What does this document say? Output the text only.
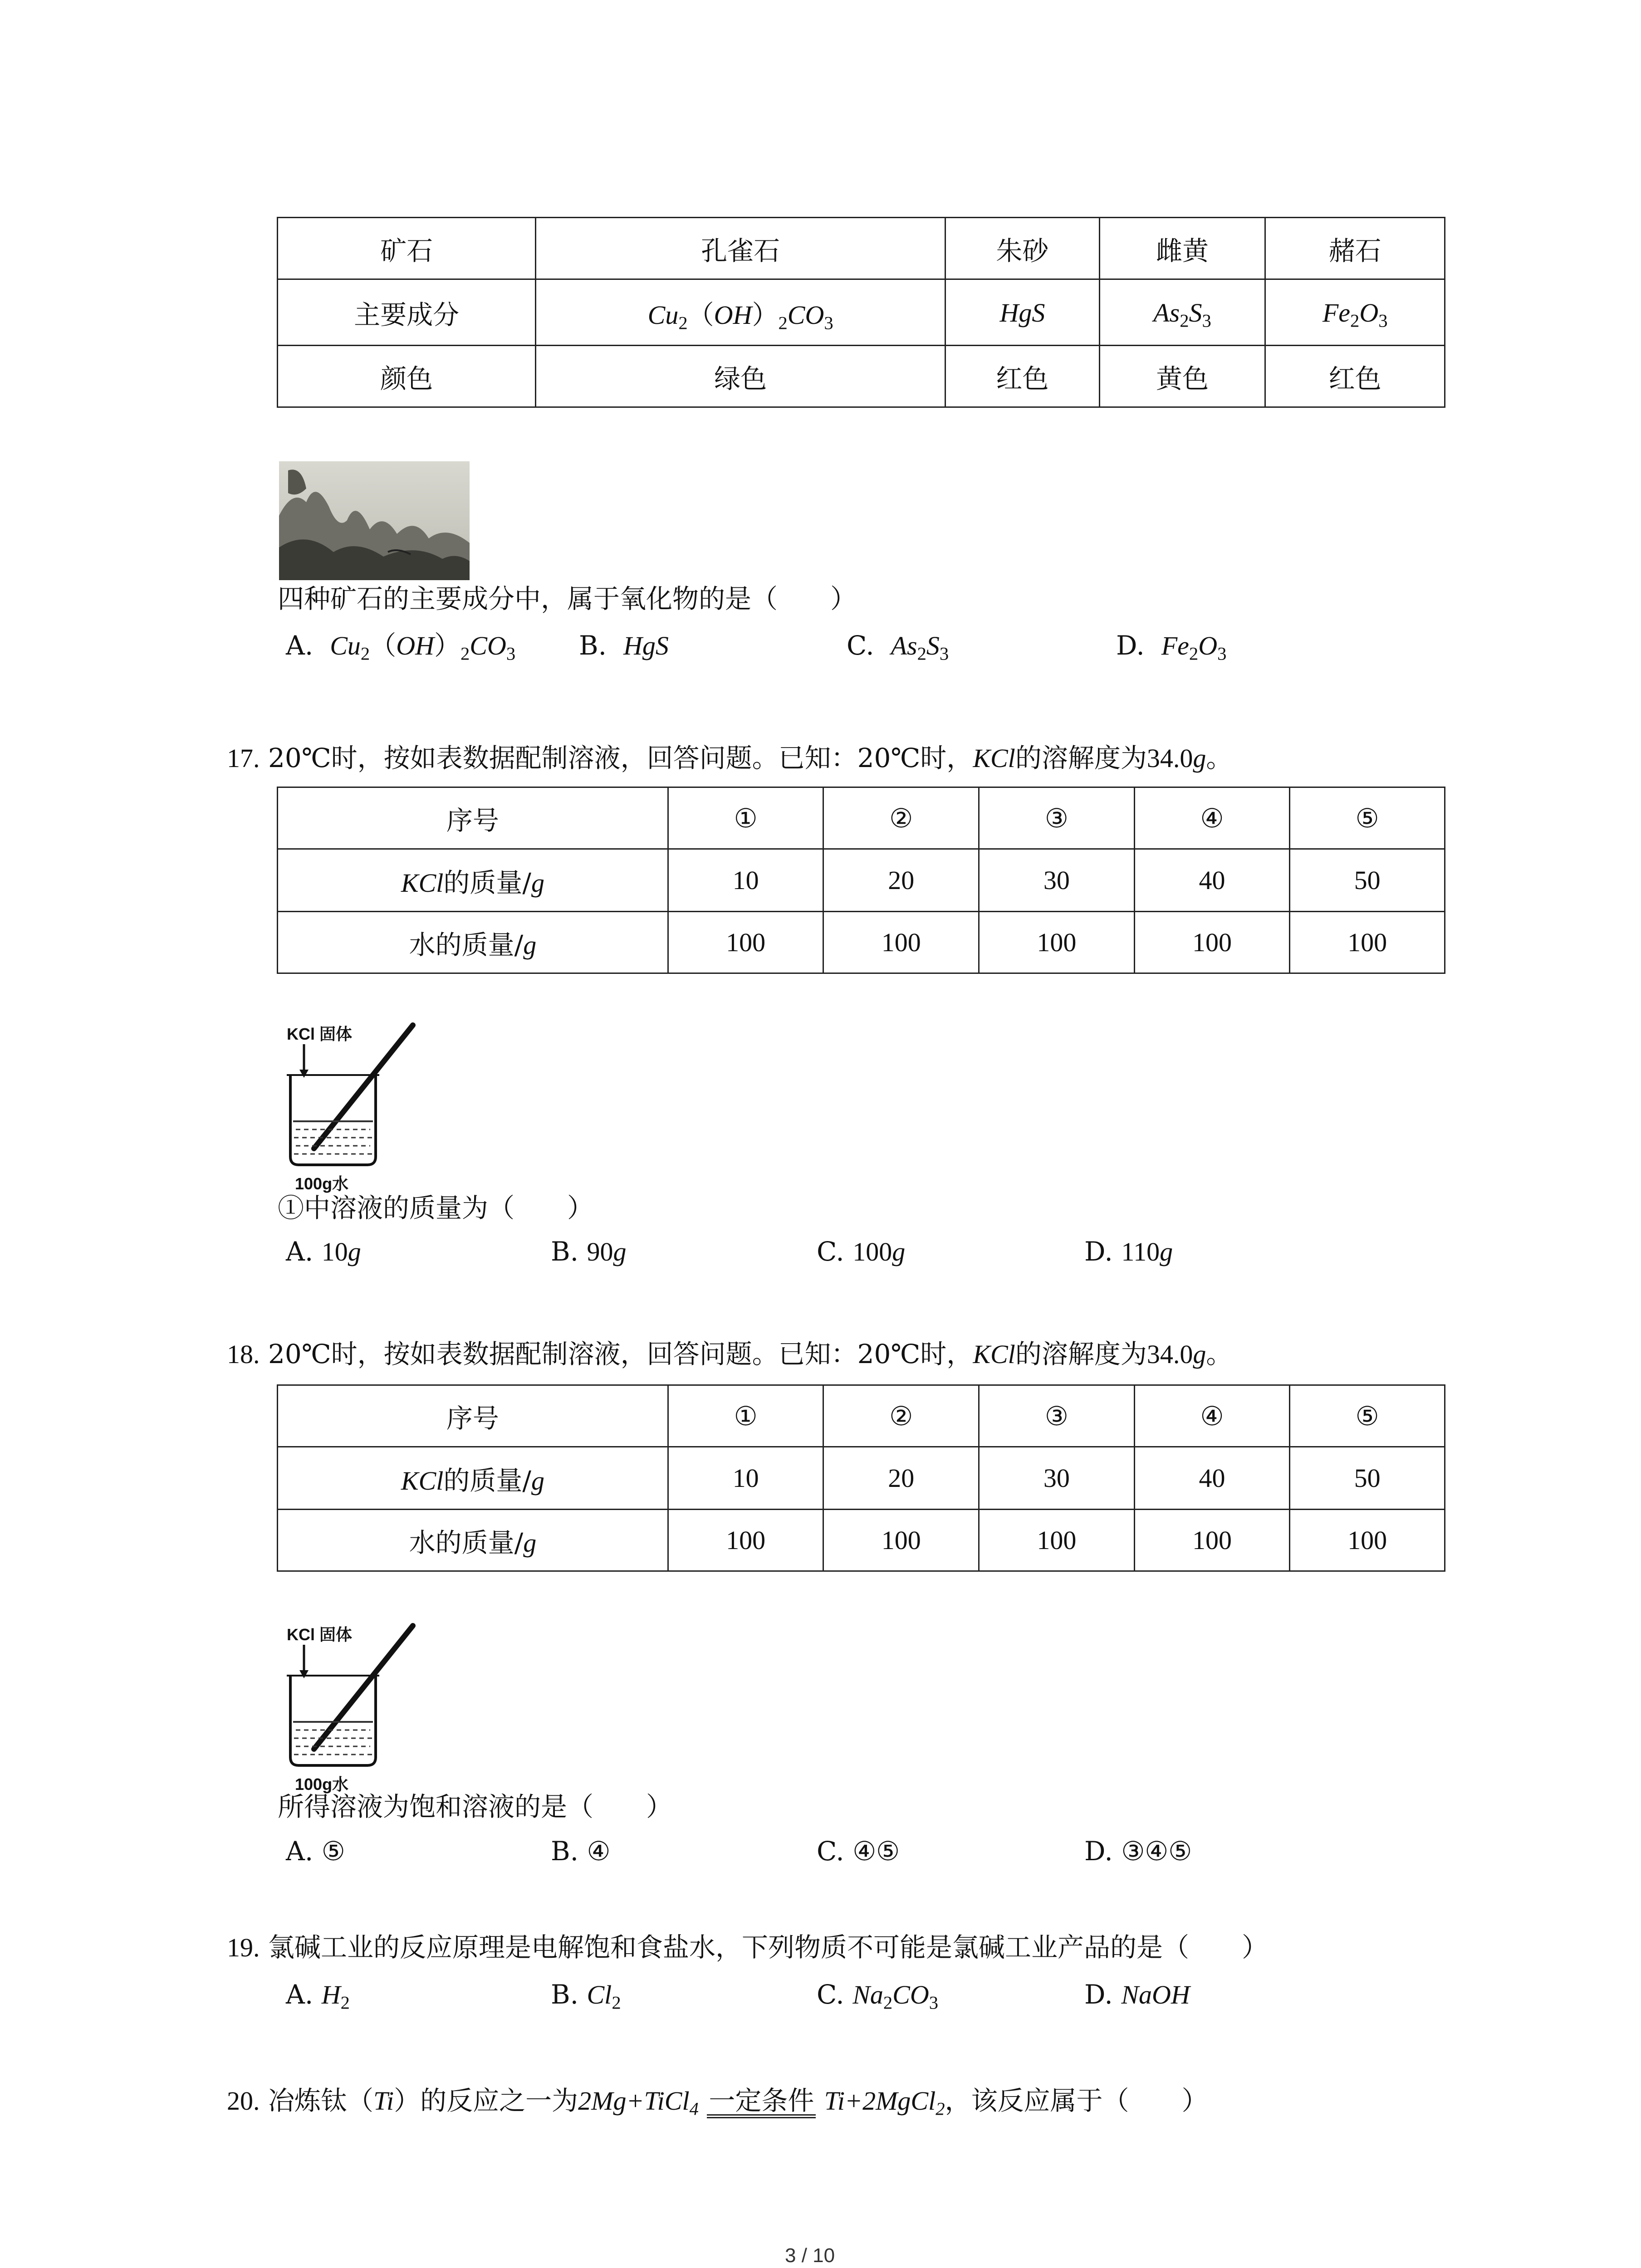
矿石	孔雀石	朱砂	雌黄	赭石
主要成分	$Cu_2(OH)_2CO_3$	HgS	$As_2S_3$	$Fe_2O_3$
颜色	绿色	红色	黄色	红色
四种矿石的主要成分中，属于氧化物的是（　　）
A. $Cu_2(OH)_2CO_3$ B. HgS	C. $As_2S_3$	D. $Fe_2O_3$
17. 20℃时，按如表数据配制溶液，回答问题。已知：20℃时，KCl的溶解度为34.0g。
序号	①	②	③	④	⑤
KCl的质量/g	10	20	30	40	50
水的质量/g	100	100	100	100	100
KCl 固体
100g水
①中溶液的质量为（　　）
A. 10g	B. 90g	C. 100g	D. 110g
18. 20℃时，按如表数据配制溶液，回答问题。已知：20℃时，KCl的溶解度为34.0g。
序号	①	②	③	④	⑤
KCl的质量/g	10	20	30	40	50
水的质量/g	100	100	100	100	100
KCl 固体
100g水
所得溶液为饱和溶液的是（　　）
A. ⑤	B. ④	C. ④⑤	D. ③④⑤
19. 氯碱工业的反应原理是电解饱和食盐水，下列物质不可能是氯碱工业产品的是（　　）
A. $H_2$	B. $Cl_2$	C. $Na_2CO_3$	D. NaOH
20. 冶炼钛（Ti）的反应之一为2Mg+TiCl$_4$ 一定条件 Ti+2MgCl$_2$，该反应属于（　　）
3 / 10
